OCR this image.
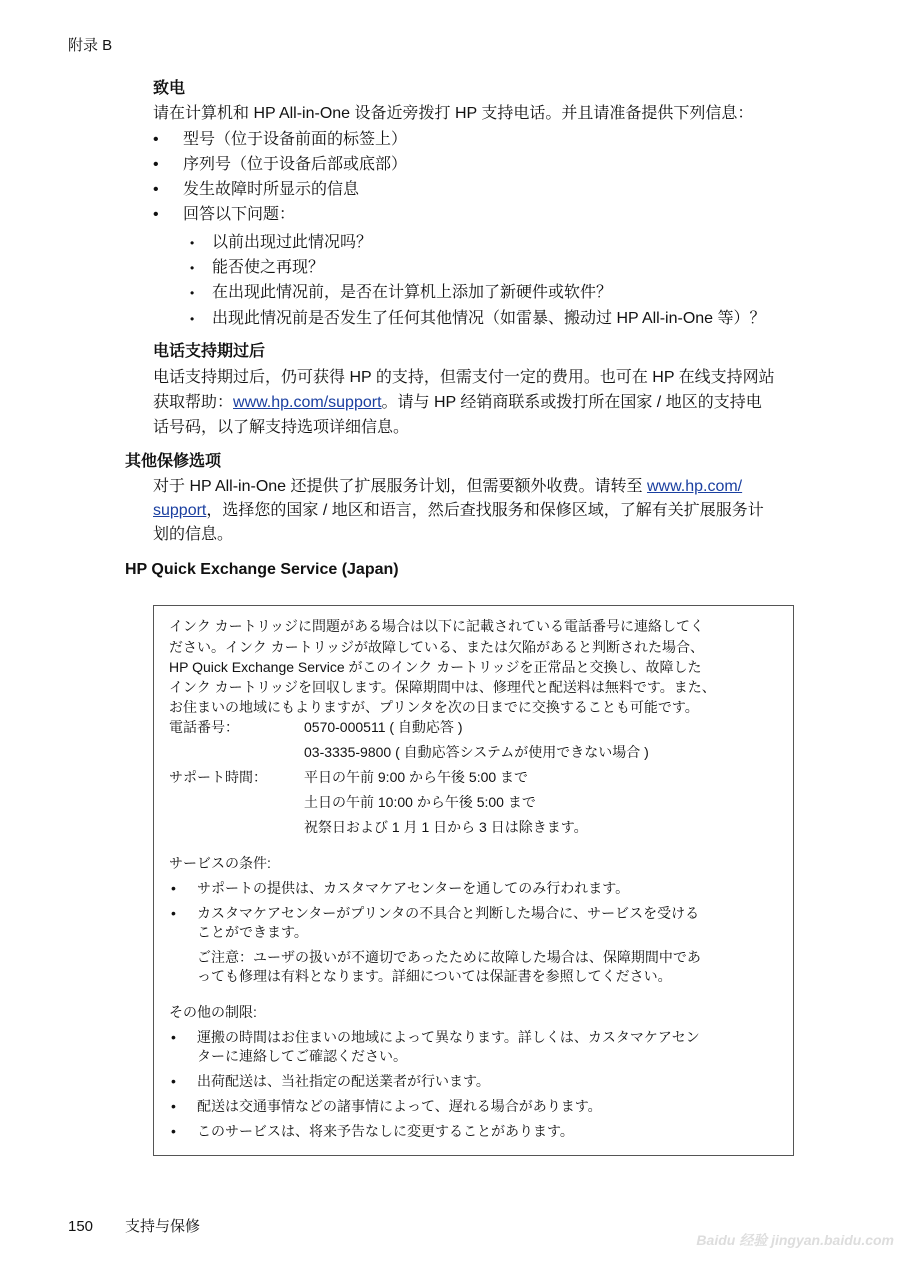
附录 B
致电
请在计算机和 HP All-in-One 设备近旁拨打 HP 支持电话。并且请准备提供下列信息：
• 型号（位于设备前面的标签上）
• 序列号（位于设备后部或底部）
• 发生故障时所显示的信息
• 回答以下问题：
• 以前出现过此情况吗？
• 能否使之再现？
• 在出现此情况前，是否在计算机上添加了新硬件或软件？
• 出现此情况前是否发生了任何其他情况（如雷暴、搬动过 HP All-in-One 等）？
电话支持期过后
电话支持期过后，仍可获得 HP 的支持，但需支付一定的费用。也可在 HP 在线支持网站
获取帮助：www.hp.com/support。请与 HP 经销商联系或拨打所在国家 / 地区的支持电
话号码，以了解支持选项详细信息。
其他保修选项
对于 HP All-in-One 还提供了扩展服务计划，但需要额外收费。请转至 www.hp.com/
support，选择您的国家 / 地区和语言，然后查找服务和保修区域，了解有关扩展服务计
划的信息。
HP Quick Exchange Service (Japan)
インク カートリッジに問題がある場合は以下に記載されている電話番号に連絡してく
ださい。インク カートリッジが故障している、または欠陥があると判断された場合、
HP Quick Exchange Service がこのインク カートリッジを正常品と交換し、故障した
インク カートリッジを回収します。保障期間中は、修理代と配送料は無料です。また、
お住まいの地域にもよりますが、プリンタを次の日までに交換することも可能です。
電話番号：	0570-000511 ( 自動応答 )
03-3335-9800 ( 自動応答システムが使用できない場合 )
サポート時間：	平日の午前 9:00 から午後 5:00 まで
土日の午前 10:00 から午後 5:00 まで
祝祭日および 1 月 1 日から 3 日は除きます。
サービスの条件:
• サポートの提供は、カスタマケアセンターを通してのみ行われます。
• カスタマケアセンターがプリンタの不具合と判断した場合に、サービスを受ける
ことができます。
ご注意：ユーザの扱いが不適切であったために故障した場合は、保障期間中であ
っても修理は有料となります。詳細については保証書を参照してください。
その他の制限:
• 運搬の時間はお住まいの地域によって異なります。詳しくは、カスタマケアセン
ターに連絡してご確認ください。
• 出荷配送は、当社指定の配送業者が行います。
• 配送は交通事情などの諸事情によって、遅れる場合があります。
• このサービスは、将来予告なしに変更することがあります。
150 支持与保修
Baidu 经验 jingyan.baidu.com
